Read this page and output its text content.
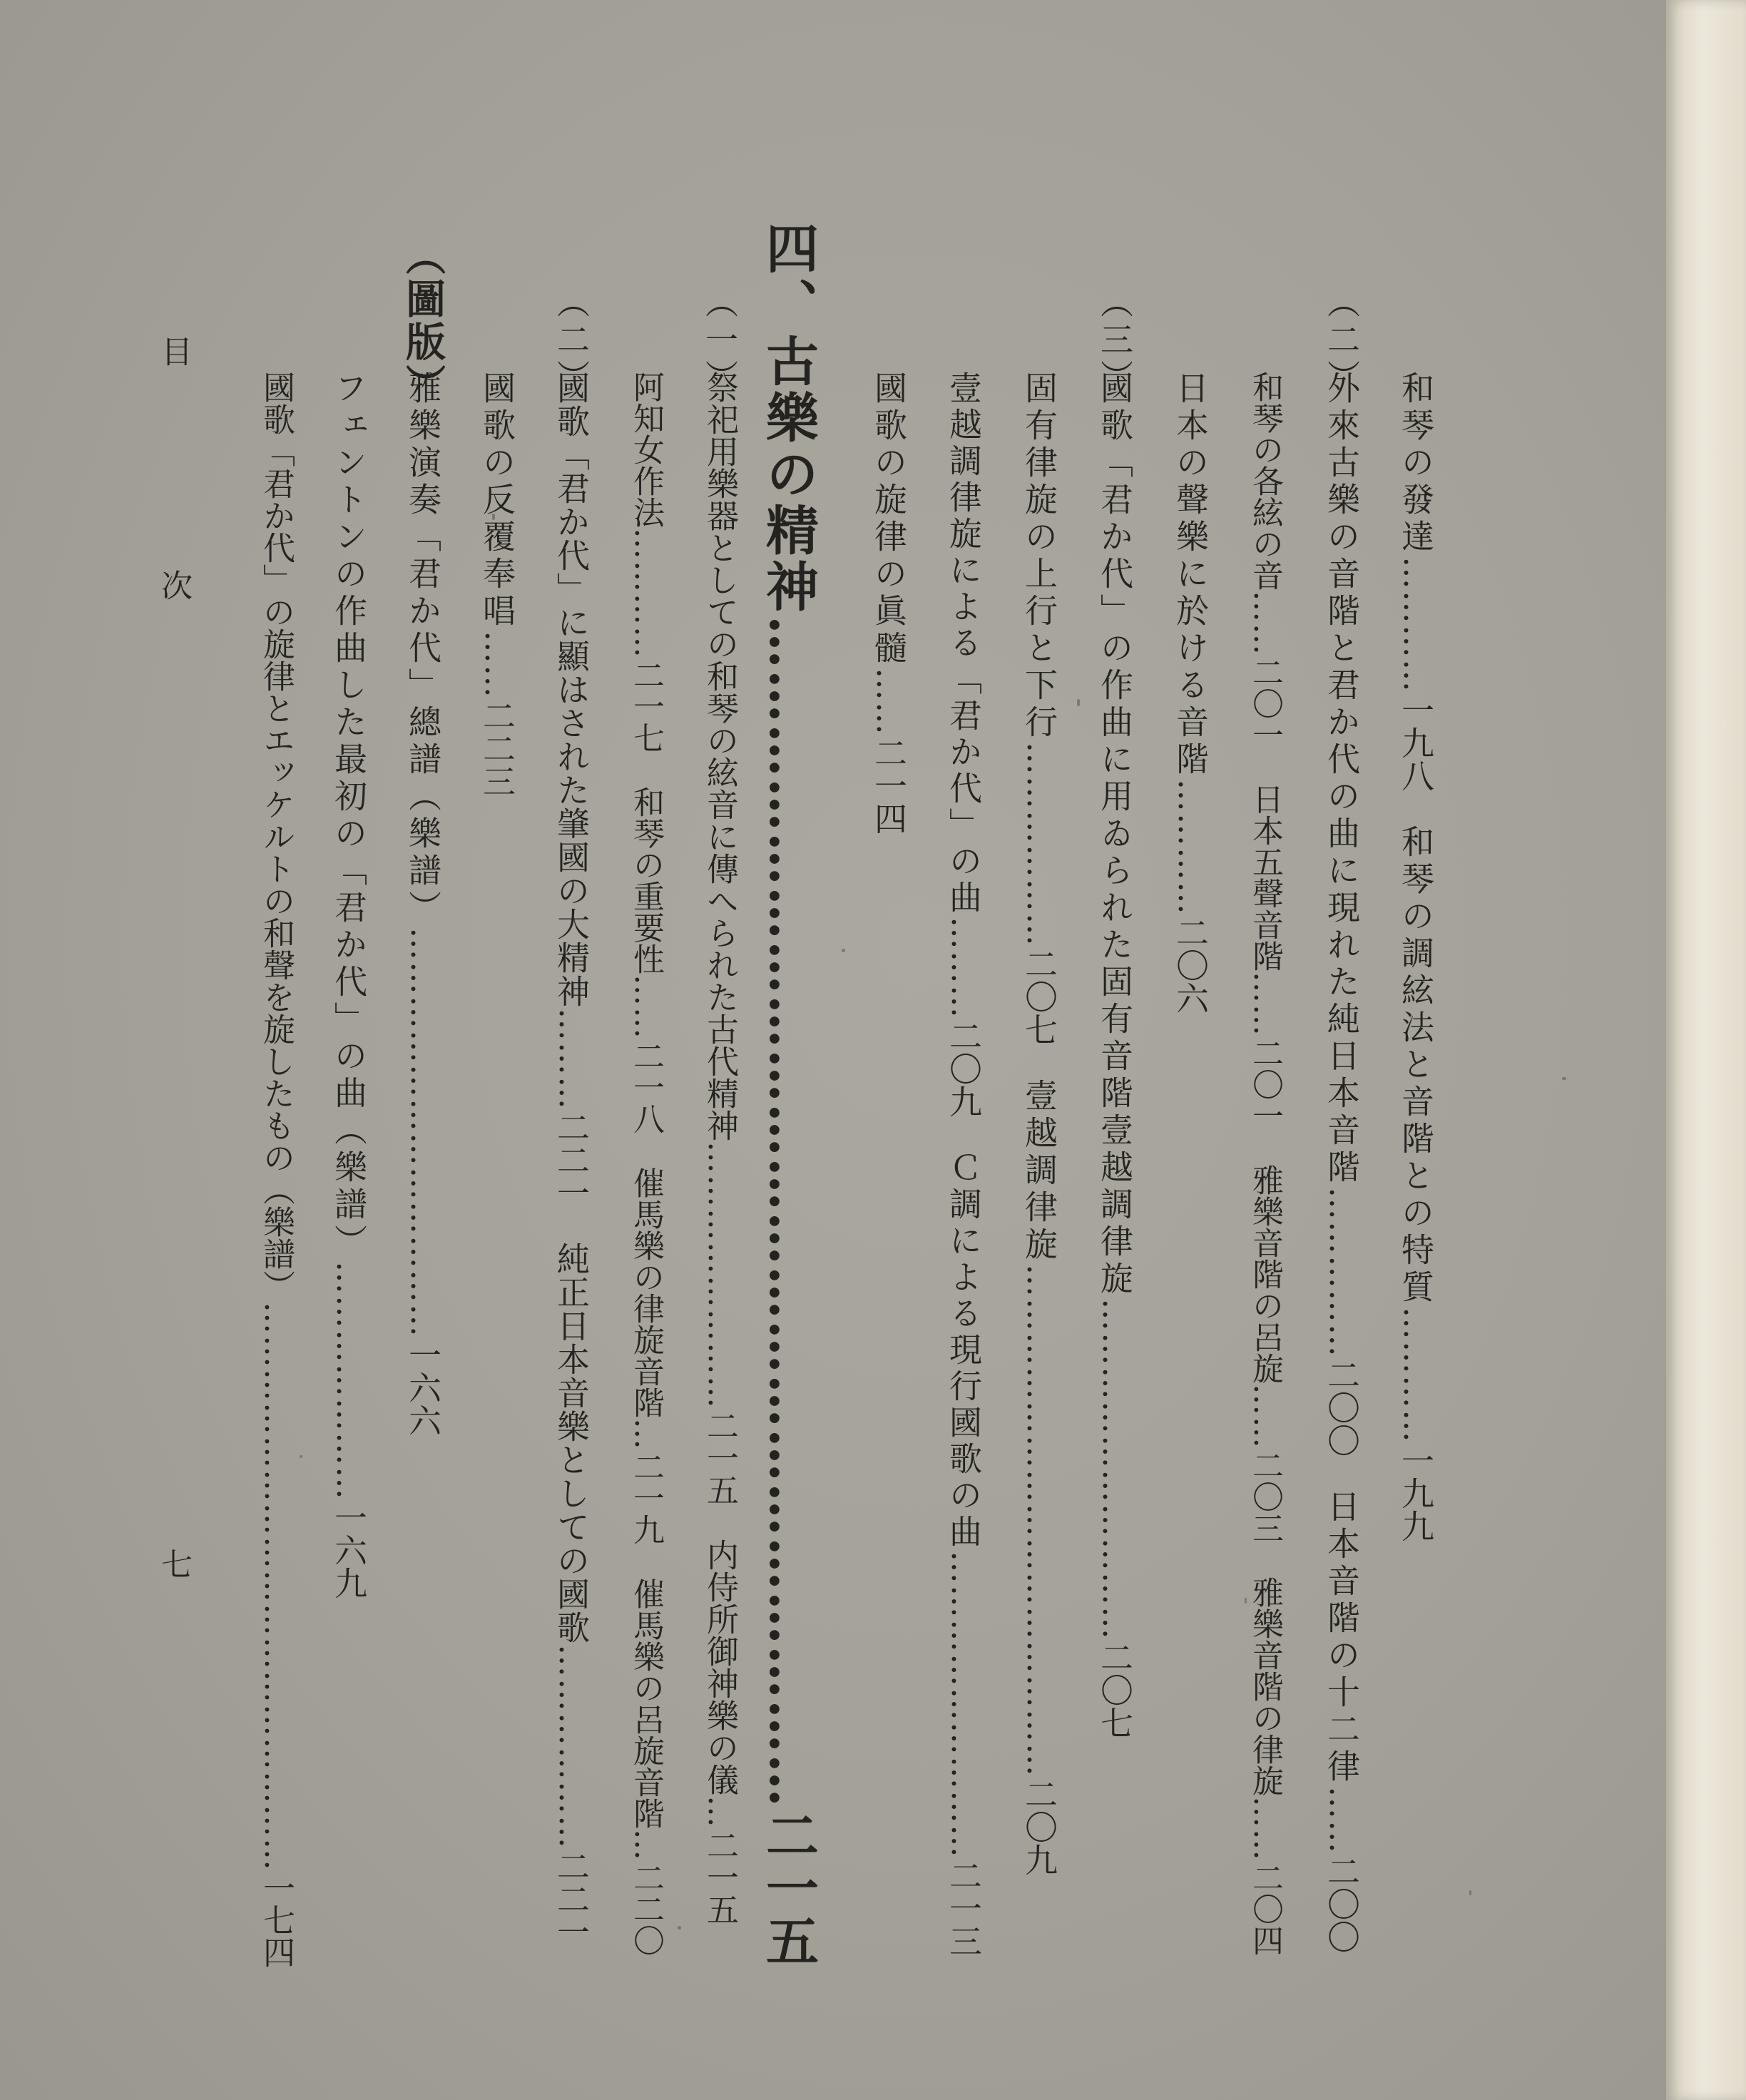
和琴の發達…………一九八和琴の調絃法と音階との特質…………一九九
（二）
外來古樂の音階と君か代の曲に現れた純日本音階……………二〇〇日本音階の十二律……二〇〇
和琴の各絃の音……二〇一日本五聲音階……二〇一雅樂音階の呂旋……二〇三雅樂音階の律旋……二〇四
日本の聲樂に於ける音階…………二〇六
（三）
國歌「君か代」の作曲に用ゐられた固有音階壹越調律旋…………………………二〇七
固有律旋の上行と下行………………二〇七壹越調律旋………………………………………二〇九
壹越調律旋による「君か代」の曲………二〇九Ｃ調による現行國歌の曲………………………二一三
國歌の旋律の眞髓……二一四
四、古樂の精神…………………………………………………………二一五
（一）
祭祀用樂器としての和琴の絃音に傳へられた古代精神……………………二一五内侍所御神樂の儀…二一五
阿知女作法…………二一七和琴の重要性……二一八催馬樂の律旋音階…二一九催馬樂の呂旋音階…二二〇
（二）
國歌「君か代」に顯はされた肇國の大精神………二二一純正日本音樂としての國歌………………二二一
國歌の反覆奉唱……二二三
（圖版）
雅樂演奏「君か代」總譜（樂譜）………………………………一六六
フェントンの作曲した最初の「君か代」の曲（樂譜）…………………一六九
國歌「君か代」の旋律とエッケルトの和聲を旋したもの（樂譜）……………………………………………一七四
目　次
七
